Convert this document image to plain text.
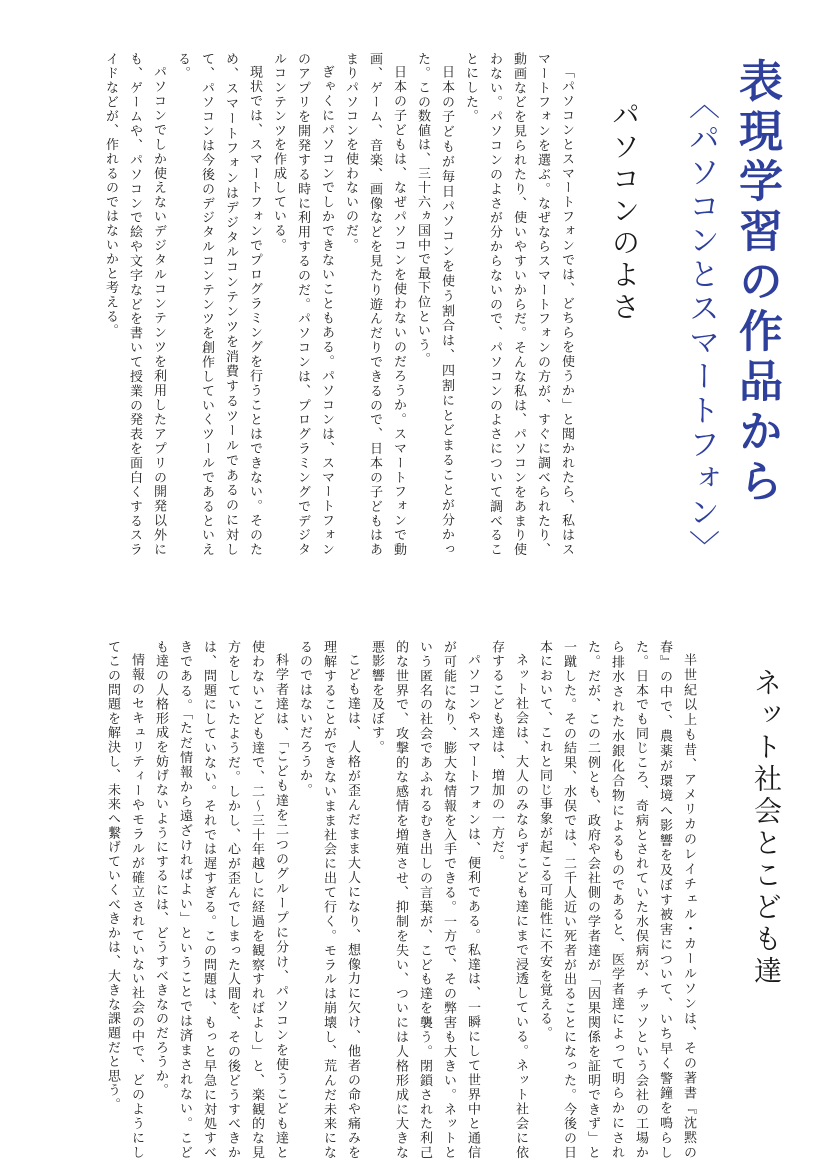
表現学習の作品から
〈パソコンとスマートフォン〉
パソコンのよさ

「パソコンとスマートフォンでは、どちらを使うか」と聞かれたら、私はスマートフォンを選ぶ。なぜならスマートフォンの方が、すぐに調べられたり、動画などを見られたり、使いやすいからだ。そんな私は、パソコンをあまり使わない。パソコンのよさが分からないので、パソコンのよさについて調べることにした。

日本の子どもが毎日パソコンを使う割合は、四割にとどまることが分かった。この数値は、三十六ヵ国中で最下位という。

日本の子どもは、なぜパソコンを使わないのだろうか。スマートフォンで動画、ゲーム、音楽、画像などを見たり遊んだりできるので、日本の子どもはあまりパソコンを使わないのだ。

ぎゃくにパソコンでしかできないこともある。パソコンは、スマートフォンのアプリを開発する時に利用するのだ。パソコンは、プログラミングでデジタルコンテンツを作成している。

現状では、スマートフォンでプログラミングを行うことはできない。そのため、スマートフォンはデジタルコンテンツを消費するツールであるのに対して、パソコンは今後のデジタルコンテンツを創作していくツールであるといえる。

パソコンでしか使えないデジタルコンテンツを利用したアプリの開発以外にも、ゲームや、パソコンで絵や文字などを書いて授業の発表を面白くするスライドなどが、作れるのではないかと考える。

ネット社会とこども達

半世紀以上も昔、アメリカのレイチェル・カールソンは、その著書『沈黙の春』の中で、農薬が環境へ影響を及ぼす被害について、いち早く警鐘を鳴らした。日本でも同じころ、奇病とされていた水俣病が、チッソという会社の工場から排水された水銀化合物によるものであると、医学者達によって明らかにされた。だが、この二例とも、政府や会社側の学者達が「因果関係を証明できず」と一蹴した。その結果、水俣では、二千人近い死者が出ることになった。今後の日本において、これと同じ事象が起こる可能性に不安を覚える。

ネット社会は、大人のみならずこども達にまで浸透している。ネット社会に依存するこども達は、増加の一方だ。

パソコンやスマートフォンは、便利である。私達は、一瞬にして世界中と通信が可能になり、膨大な情報を入手できる。一方で、その弊害も大きい。ネットという匿名の社会であふれるむき出しの言葉が、こども達を襲う。閉鎖された利己的な世界で、攻撃的な感情を増殖させ、抑制を失い、ついには人格形成に大きな悪影響を及ぼす。

こども達は、人格が歪んだまま大人になり、想像力に欠け、他者の命や痛みを理解することができないまま社会に出て行く。モラルは崩壊し、荒んだ未来になるのではないだろうか。

科学者達は、「こども達を二つのグループに分け、パソコンを使うこども達と使わないこども達で、二〜三十年越しに経過を観察すればよし」と、楽観的な見方をしていたようだ。しかし、心が歪んでしまった人間を、その後どうすべきかは、問題にしていない。それでは遅すぎる。この問題は、もっと早急に対処すべきである。「ただ情報から遠ざければよい」ということでは済まされない。こども達の人格形成を妨げないようにするには、どうすべきなのだろうか。

情報のセキュリティーやモラルが確立されていない社会の中で、どのようにしてこの問題を解決し、未来へ繋げていくべきかは、大きな課題だと思う。
